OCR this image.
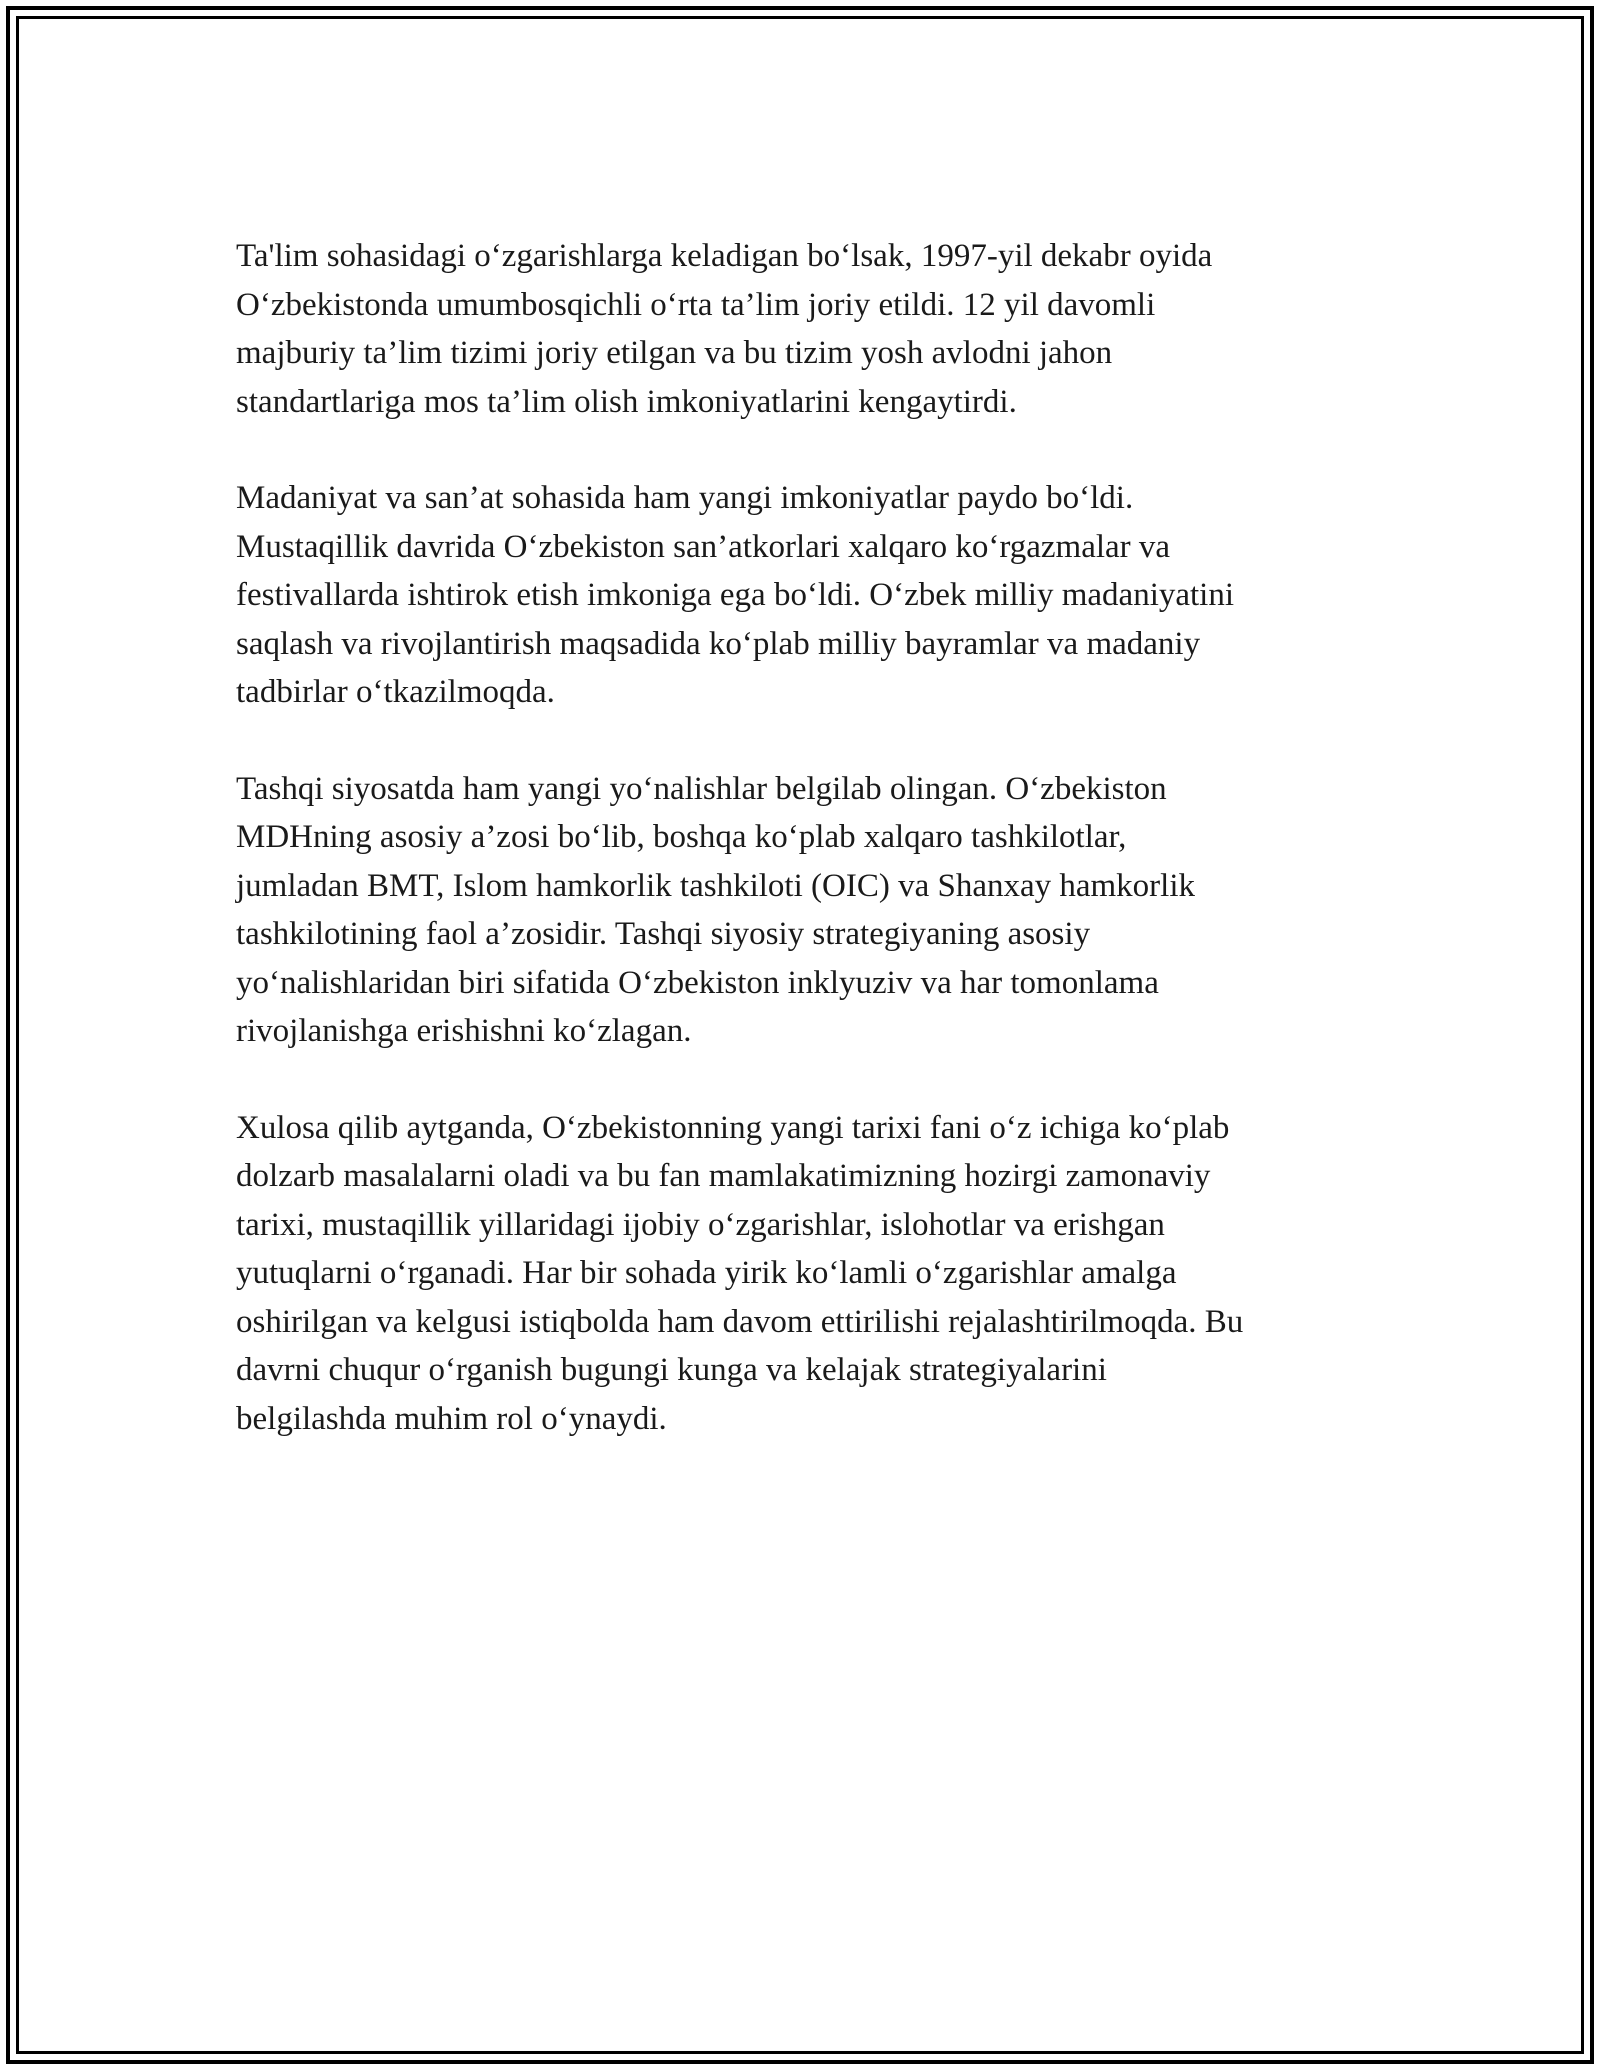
Ta'lim sohasidagi o‘zgarishlarga keladigan bo‘lsak, 1997-yil dekabr oyida
O‘zbekistonda umumbosqichli o‘rta ta’lim joriy etildi. 12 yil davomli
majburiy ta’lim tizimi joriy etilgan va bu tizim yosh avlodni jahon
standartlariga mos ta’lim olish imkoniyatlarini kengaytirdi.

Madaniyat va san’at sohasida ham yangi imkoniyatlar paydo bo‘ldi.
Mustaqillik davrida O‘zbekiston san’atkorlari xalqaro ko‘rgazmalar va
festivallarda ishtirok etish imkoniga ega bo‘ldi. O‘zbek milliy madaniyatini
saqlash va rivojlantirish maqsadida ko‘plab milliy bayramlar va madaniy
tadbirlar o‘tkazilmoqda.

Tashqi siyosatda ham yangi yo‘nalishlar belgilab olingan. O‘zbekiston
MDHning asosiy a’zosi bo‘lib, boshqa ko‘plab xalqaro tashkilotlar,
jumladan BMT, Islom hamkorlik tashkiloti (OIC) va Shanxay hamkorlik
tashkilotining faol a’zosidir. Tashqi siyosiy strategiyaning asosiy
yo‘nalishlaridan biri sifatida O‘zbekiston inklyuziv va har tomonlama
rivojlanishga erishishni ko‘zlagan.

Xulosa qilib aytganda, O‘zbekistonning yangi tarixi fani o‘z ichiga ko‘plab
dolzarb masalalarni oladi va bu fan mamlakatimizning hozirgi zamonaviy
tarixi, mustaqillik yillaridagi ijobiy o‘zgarishlar, islohotlar va erishgan
yutuqlarni o‘rganadi. Har bir sohada yirik ko‘lamli o‘zgarishlar amalga
oshirilgan va kelgusi istiqbolda ham davom ettirilishi rejalashtirilmoqda. Bu
davrni chuqur o‘rganish bugungi kunga va kelajak strategiyalarini
belgilashda muhim rol o‘ynaydi.
